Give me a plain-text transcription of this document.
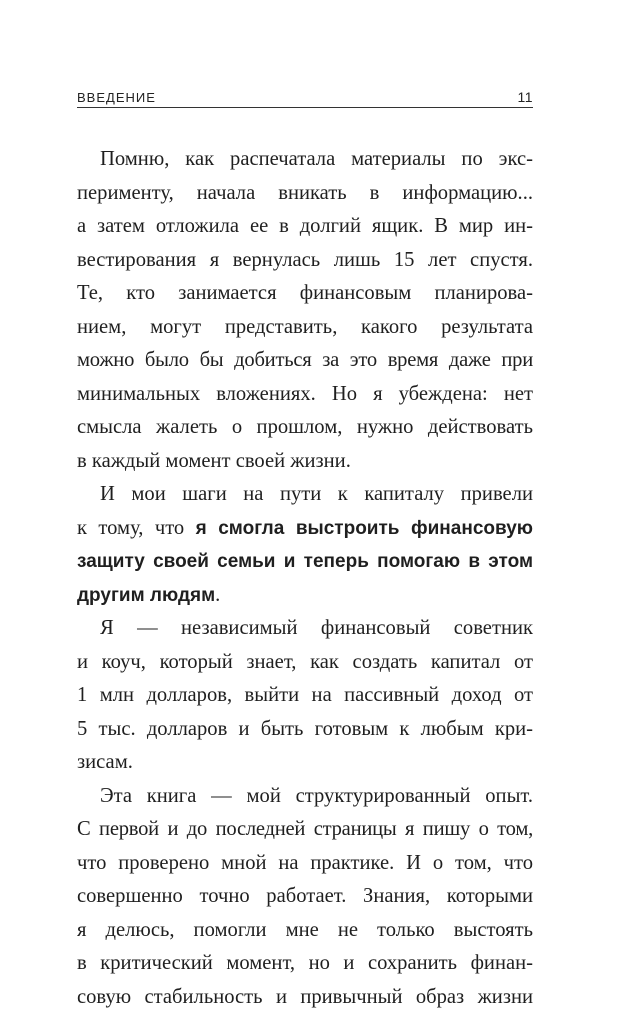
ВВЕДЕНИЕ	11
Помню, как распечатала материалы по экс-
перименту, начала вникать в информацию...
а затем отложила ее в долгий ящик. В мир ин-
вестирования я вернулась лишь 15 лет спустя.
Те, кто занимается финансовым планирова-
нием, могут представить, какого результата
можно было бы добиться за это время даже при
минимальных вложениях. Но я убеждена: нет
смысла жалеть о прошлом, нужно действовать
в каждый момент своей жизни.
И мои шаги на пути к капиталу привели
к тому, что я смогла выстроить финансовую
защиту своей семьи и теперь помогаю в этом
другим людям.
Я — независимый финансовый советник
и коуч, который знает, как создать капитал от
1 млн долларов, выйти на пассивный доход от
5 тыс. долларов и быть готовым к любым кри-
зисам.
Эта книга — мой структурированный опыт.
С первой и до последней страницы я пишу о том,
что проверено мной на практике. И о том, что
совершенно точно работает. Знания, которыми
я делюсь, помогли мне не только выстоять
в критический момент, но и сохранить финан-
совую стабильность и привычный образ жизни
